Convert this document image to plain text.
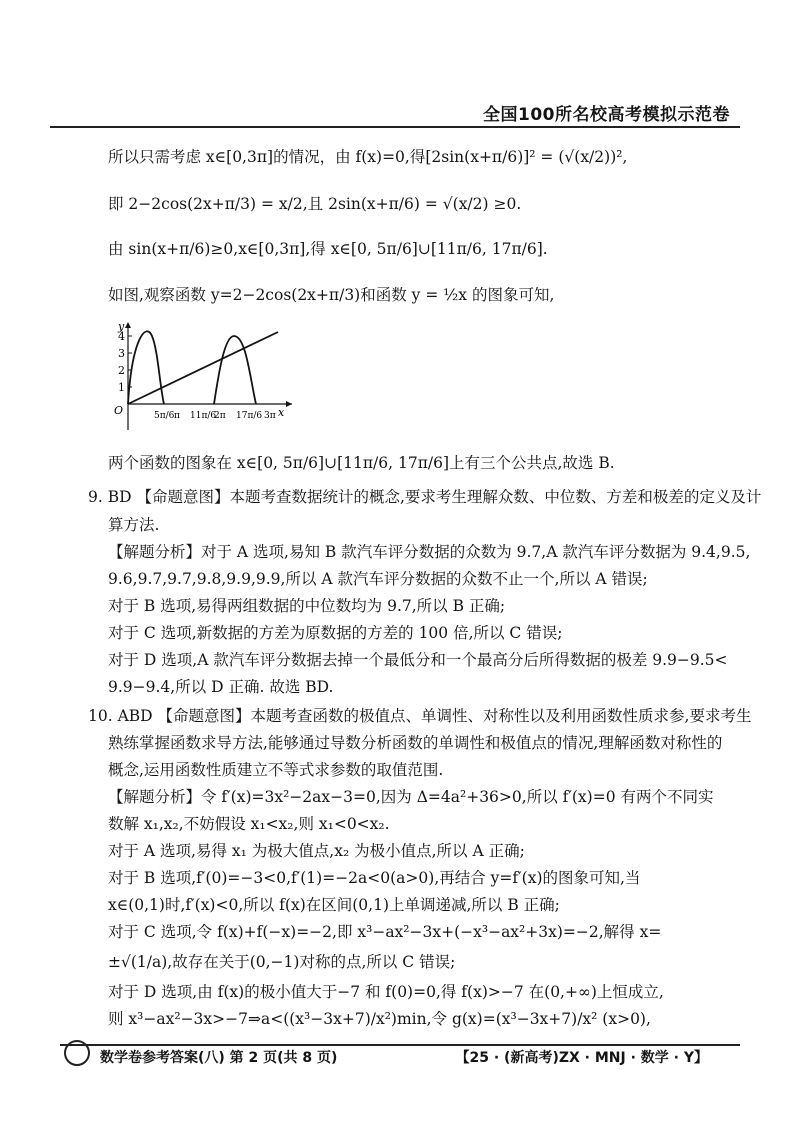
全国100所名校高考模拟示范卷
所以只需考虑 x∈[0,3π]的情况，由 f(x)=0,得[2sin(x+π/6)]² = (√(x/2))²,
即 2−2cos(2x+π/3) = x/2,且 2sin(x+π/6) = √(x/2) ≥0.
由 sin(x+π/6)≥0,x∈[0,3π],得 x∈[0, 5π/6]∪[11π/6, 17π/6].
如图,观察函数 y=2−2cos(2x+π/3)和函数 y = ½x 的图象可知,
y
x
O
4
3
2
1
5π/6 π 11π/6
2π 17π/6 3π
两个函数的图象在 x∈[0, 5π/6]∪[11π/6, 17π/6]上有三个公共点,故选 B.
9. BD 【命题意图】本题考查数据统计的概念,要求考生理解众数、中位数、方差和极差的定义及计
算方法.
【解题分析】对于 A 选项,易知 B 款汽车评分数据的众数为 9.7,A 款汽车评分数据为 9.4,9.5,
9.6,9.7,9.7,9.8,9.9,9.9,所以 A 款汽车评分数据的众数不止一个,所以 A 错误;
对于 B 选项,易得两组数据的中位数均为 9.7,所以 B 正确;
对于 C 选项,新数据的方差为原数据的方差的 100 倍,所以 C 错误;
对于 D 选项,A 款汽车评分数据去掉一个最低分和一个最高分后所得数据的极差 9.9−9.5<
9.9−9.4,所以 D 正确. 故选 BD.
10. ABD 【命题意图】本题考查函数的极值点、单调性、对称性以及利用函数性质求参,要求考生
熟练掌握函数求导方法,能够通过导数分析函数的单调性和极值点的情况,理解函数对称性的
概念,运用函数性质建立不等式求参数的取值范围.
【解题分析】令 f′(x)=3x²−2ax−3=0,因为 Δ=4a²+36>0,所以 f′(x)=0 有两个不同实
数解 x₁,x₂,不妨假设 x₁<x₂,则 x₁<0<x₂.
对于 A 选项,易得 x₁ 为极大值点,x₂ 为极小值点,所以 A 正确;
对于 B 选项,f′(0)=−3<0,f′(1)=−2a<0(a>0),再结合 y=f′(x)的图象可知,当
x∈(0,1)时,f′(x)<0,所以 f(x)在区间(0,1)上单调递减,所以 B 正确;
对于 C 选项,令 f(x)+f(−x)=−2,即 x³−ax²−3x+(−x³−ax²+3x)=−2,解得 x=
±√(1/a),故存在关于(0,−1)对称的点,所以 C 错误;
对于 D 选项,由 f(x)的极小值大于−7 和 f(0)=0,得 f(x)>−7 在(0,+∞)上恒成立,
则 x³−ax²−3x>−7⇒a<((x³−3x+7)/x²)min,令 g(x)=(x³−3x+7)/x² (x>0),
数学卷参考答案(八) 第 2 页(共 8 页)	【25 · (新高考)ZX · MNJ · 数学 · Y】
